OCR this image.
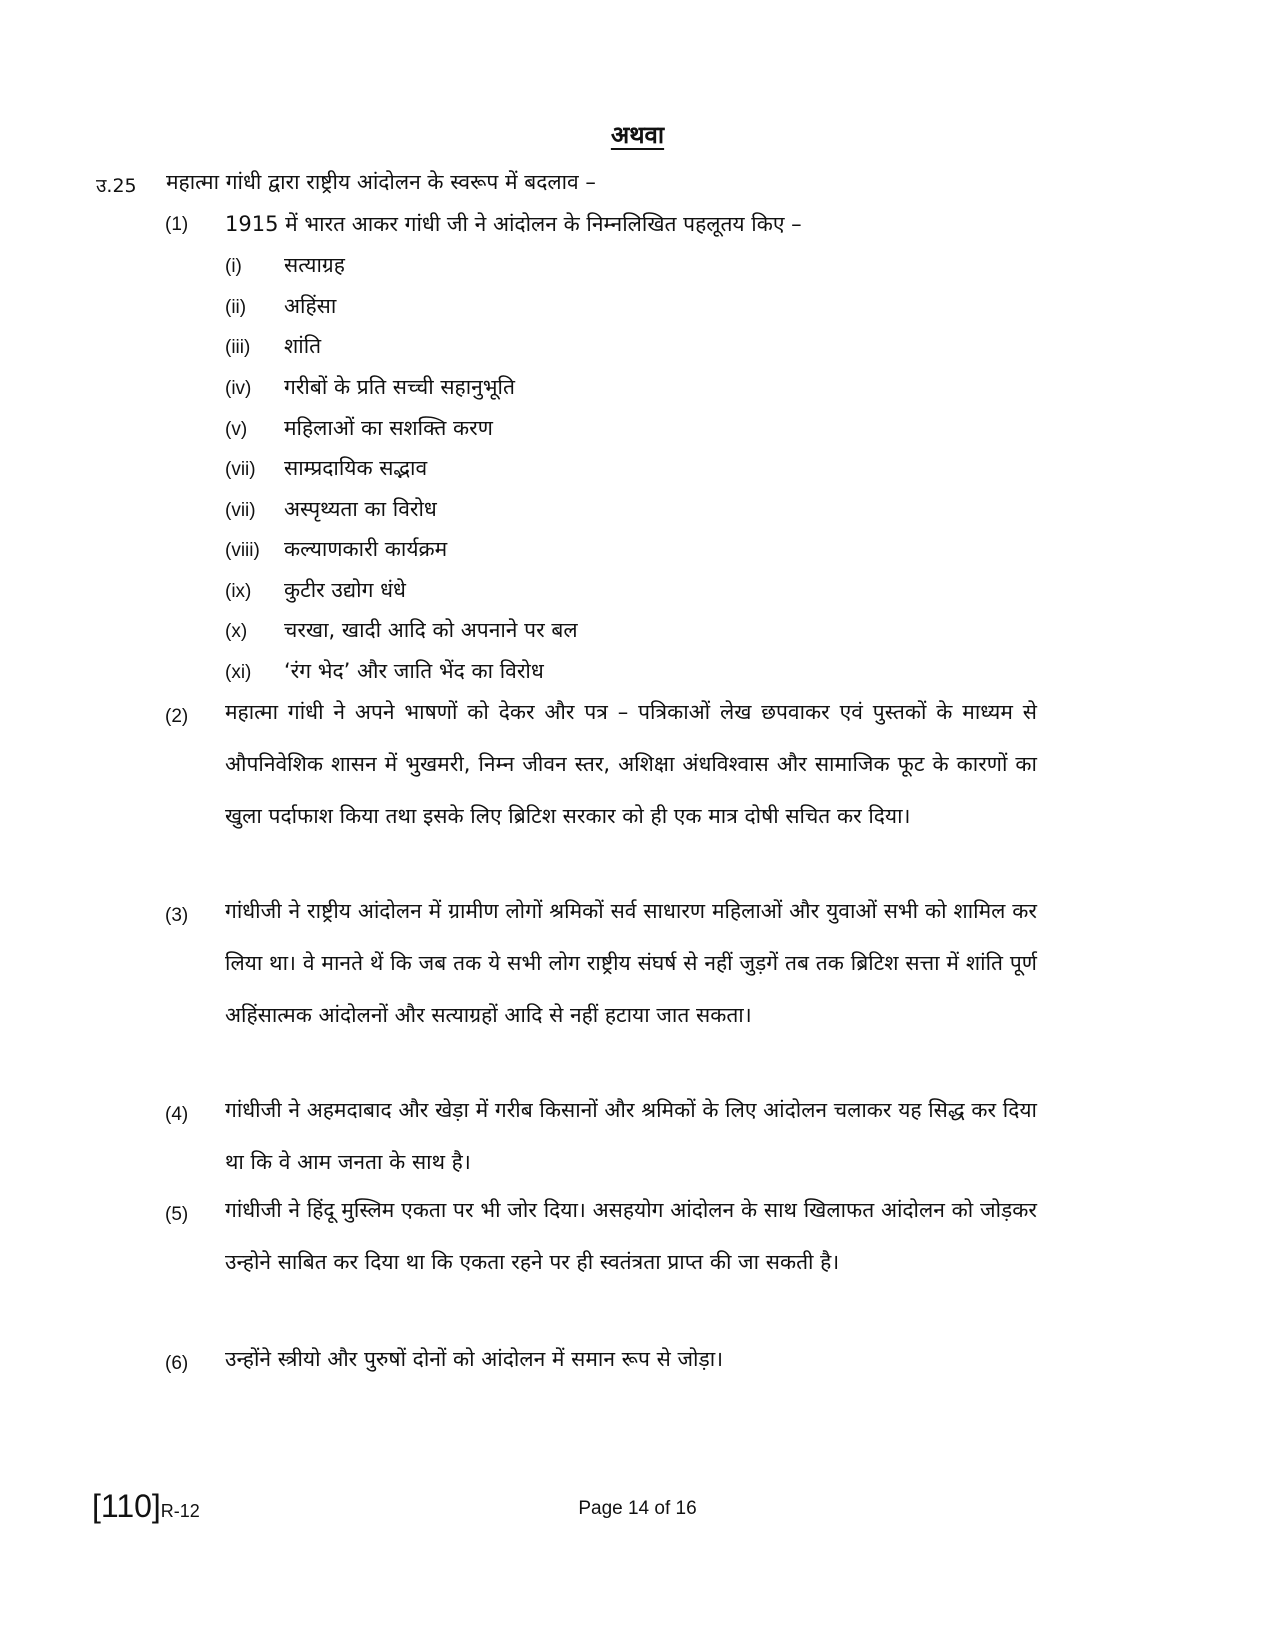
अथवा
उ.25 महात्मा गांधी द्वारा राष्ट्रीय आंदोलन के स्वरूप में बदलाव –
(1) 1915 में भारत आकर गांधी जी ने आंदोलन के निम्नलिखित पहलूतय किए –
(i) सत्याग्रह
(ii) अहिंसा
(iii) शांति
(iv) गरीबों के प्रति सच्ची सहानुभूति
(v) महिलाओं का सशक्ति करण
(vii) साम्प्रदायिक सद्भाव
(vii) अस्पृथ्यता का विरोध
(viii) कल्याणकारी कार्यक्रम
(ix) कुटीर उद्योग धंधे
(x) चरखा, खादी आदि को अपनाने पर बल
(xi) ‘रंग भेद’ और जाति भेंद का विरोध
(2) महात्मा गांधी ने अपने भाषणों को देकर और पत्र – पत्रिकाओं लेख छपवाकर एवं पुस्तकों के माध्यम से औपनिवेशिक शासन में भुखमरी, निम्न जीवन स्तर, अशिक्षा अंधविश्वास और सामाजिक फूट के कारणों का खुला पर्दाफाश किया तथा इसके लिए ब्रिटिश सरकार को ही एक मात्र दोषी सचित कर दिया।
(3) गांधीजी ने राष्ट्रीय आंदोलन में ग्रामीण लोगों श्रमिकों सर्व साधारण महिलाओं और युवाओं सभी को शामिल कर लिया था। वे मानते थें कि जब तक ये सभी लोग राष्ट्रीय संघर्ष से नहीं जुड़गें तब तक ब्रिटिश सत्ता में शांति पूर्ण अहिंसात्मक आंदोलनों और सत्याग्रहों आदि से नहीं हटाया जात सकता।
(4) गांधीजी ने अहमदाबाद और खेड़ा में गरीब किसानों और श्रमिकों के लिए आंदोलन चलाकर यह सिद्ध कर दिया था कि वे आम जनता के साथ है।
(5) गांधीजी ने हिंदू मुस्लिम एकता पर भी जोर दिया। असहयोग आंदोलन के साथ खिलाफत आंदोलन को जोड़कर उन्होने साबित कर दिया था कि एकता रहने पर ही स्वतंत्रता प्राप्त की जा सकती है।
(6) उन्होंने स्त्रीयो और पुरुषों दोनों को आंदोलन में समान रूप से जोड़ा।
[110]R-12	Page 14 of 16
